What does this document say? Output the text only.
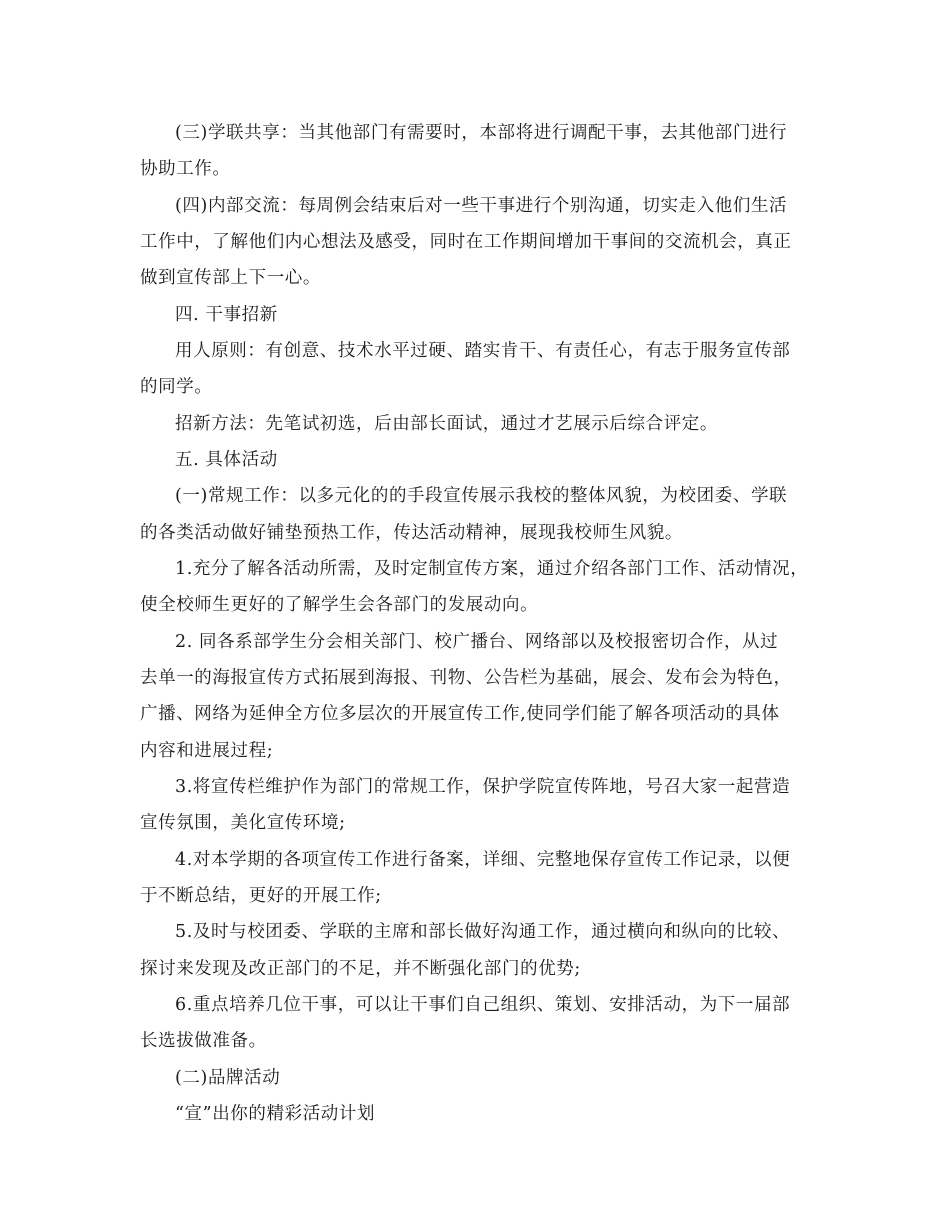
(三)学联共享：当其他部门有需要时，本部将进行调配干事，去其他部门进行
协助工作。
(四)内部交流：每周例会结束后对一些干事进行个别沟通，切实走入他们生活
工作中，了解他们内心想法及感受，同时在工作期间增加干事间的交流机会，真正
做到宣传部上下一心。
四. 干事招新
用人原则：有创意、技术水平过硬、踏实肯干、有责任心，有志于服务宣传部
的同学。
招新方法：先笔试初选，后由部长面试，通过才艺展示后综合评定。
五. 具体活动
(一)常规工作：以多元化的的手段宣传展示我校的整体风貌，为校团委、学联
的各类活动做好铺垫预热工作，传达活动精神，展现我校师生风貌。
1.充分了解各活动所需，及时定制宣传方案，通过介绍各部门工作、活动情况，
使全校师生更好的了解学生会各部门的发展动向。
2. 同各系部学生分会相关部门、校广播台、网络部以及校报密切合作，从过
去单一的海报宣传方式拓展到海报、刊物、公告栏为基础，展会、发布会为特色，
广播、网络为延伸全方位多层次的开展宣传工作,使同学们能了解各项活动的具体
内容和进展过程;
3.将宣传栏维护作为部门的常规工作，保护学院宣传阵地，号召大家一起营造
宣传氛围，美化宣传环境;
4.对本学期的各项宣传工作进行备案，详细、完整地保存宣传工作记录，以便
于不断总结，更好的开展工作;
5.及时与校团委、学联的主席和部长做好沟通工作，通过横向和纵向的比较、
探讨来发现及改正部门的不足，并不断强化部门的优势;
6.重点培养几位干事，可以让干事们自己组织、策划、安排活动，为下一届部
长选拔做准备。
(二)品牌活动
“宣”出你的精彩活动计划
